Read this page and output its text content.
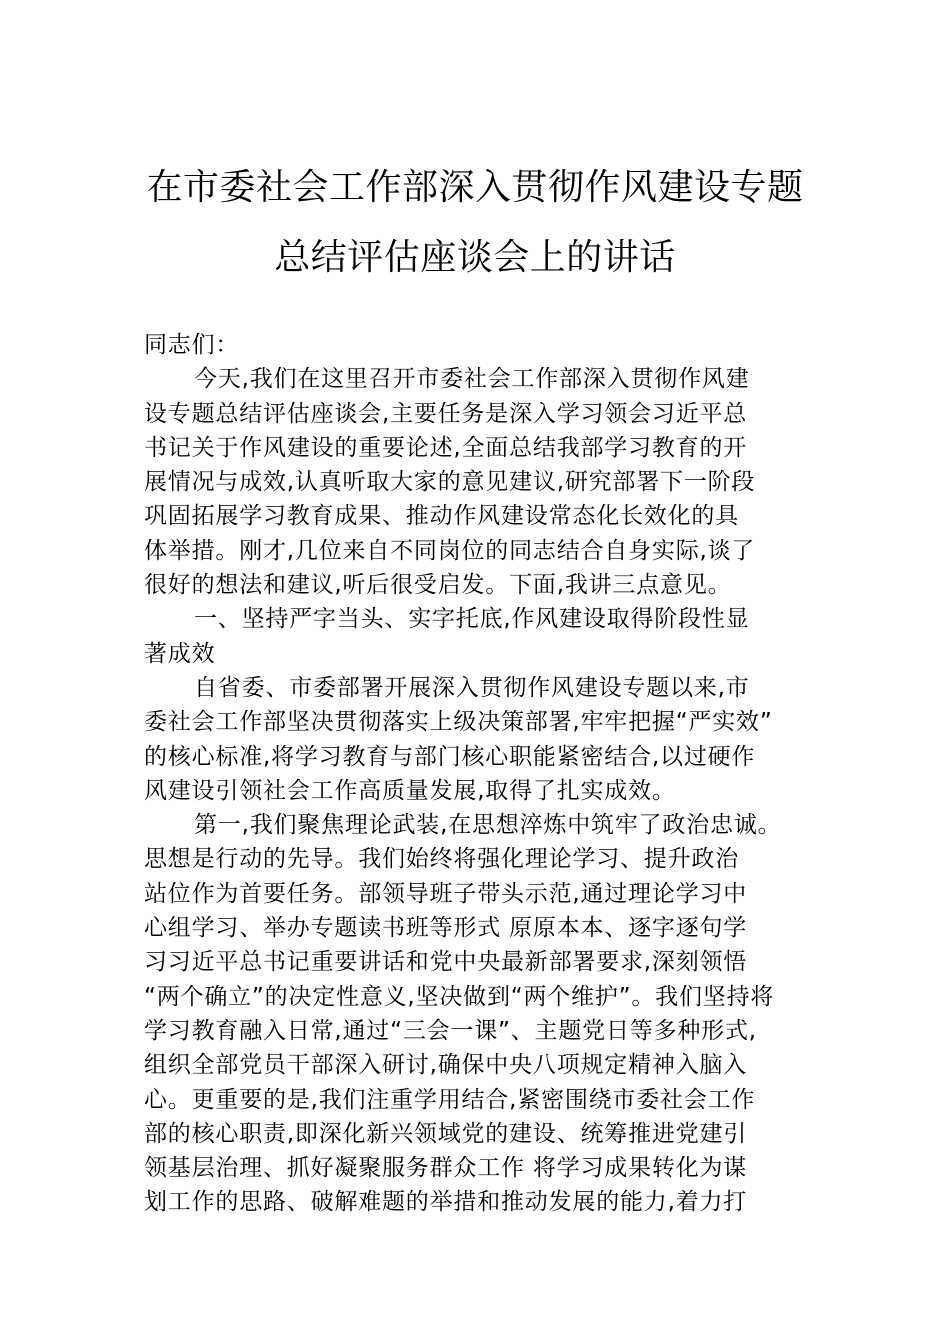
在市委社会工作部深入贯彻作风建设专题
总结评估座谈会上的讲话
同志们：
今天,我们在这里召开市委社会工作部深入贯彻作风建
设专题总结评估座谈会,主要任务是深入学习领会习近平总
书记关于作风建设的重要论述,全面总结我部学习教育的开
展情况与成效,认真听取大家的意见建议,研究部署下一阶段
巩固拓展学习教育成果、推动作风建设常态化长效化的具
体举措。刚才,几位来自不同岗位的同志结合自身实际,谈了
很好的想法和建议,听后很受启发。下面,我讲三点意见。
一、坚持严字当头、实字托底,作风建设取得阶段性显
著成效
自省委、市委部署开展深入贯彻作风建设专题以来,市
委社会工作部坚决贯彻落实上级决策部署,牢牢把握“严实效”
的核心标准,将学习教育与部门核心职能紧密结合,以过硬作
风建设引领社会工作高质量发展,取得了扎实成效。
第一,我们聚焦理论武装,在思想淬炼中筑牢了政治忠诚。
思想是行动的先导。我们始终将强化理论学习、提升政治
站位作为首要任务。部领导班子带头示范,通过理论学习中
心组学习、举办专题读书班等形式 原原本本、逐字逐句学
习习近平总书记重要讲话和党中央最新部署要求,深刻领悟
“两个确立”的决定性意义,坚决做到“两个维护”。我们坚持将
学习教育融入日常,通过“三会一课”、主题党日等多种形式,
组织全部党员干部深入研讨,确保中央八项规定精神入脑入
心。更重要的是,我们注重学用结合,紧密围绕市委社会工作
部的核心职责,即深化新兴领域党的建设、统筹推进党建引
领基层治理、抓好凝聚服务群众工作 将学习成果转化为谋
划工作的思路、破解难题的举措和推动发展的能力,着力打
